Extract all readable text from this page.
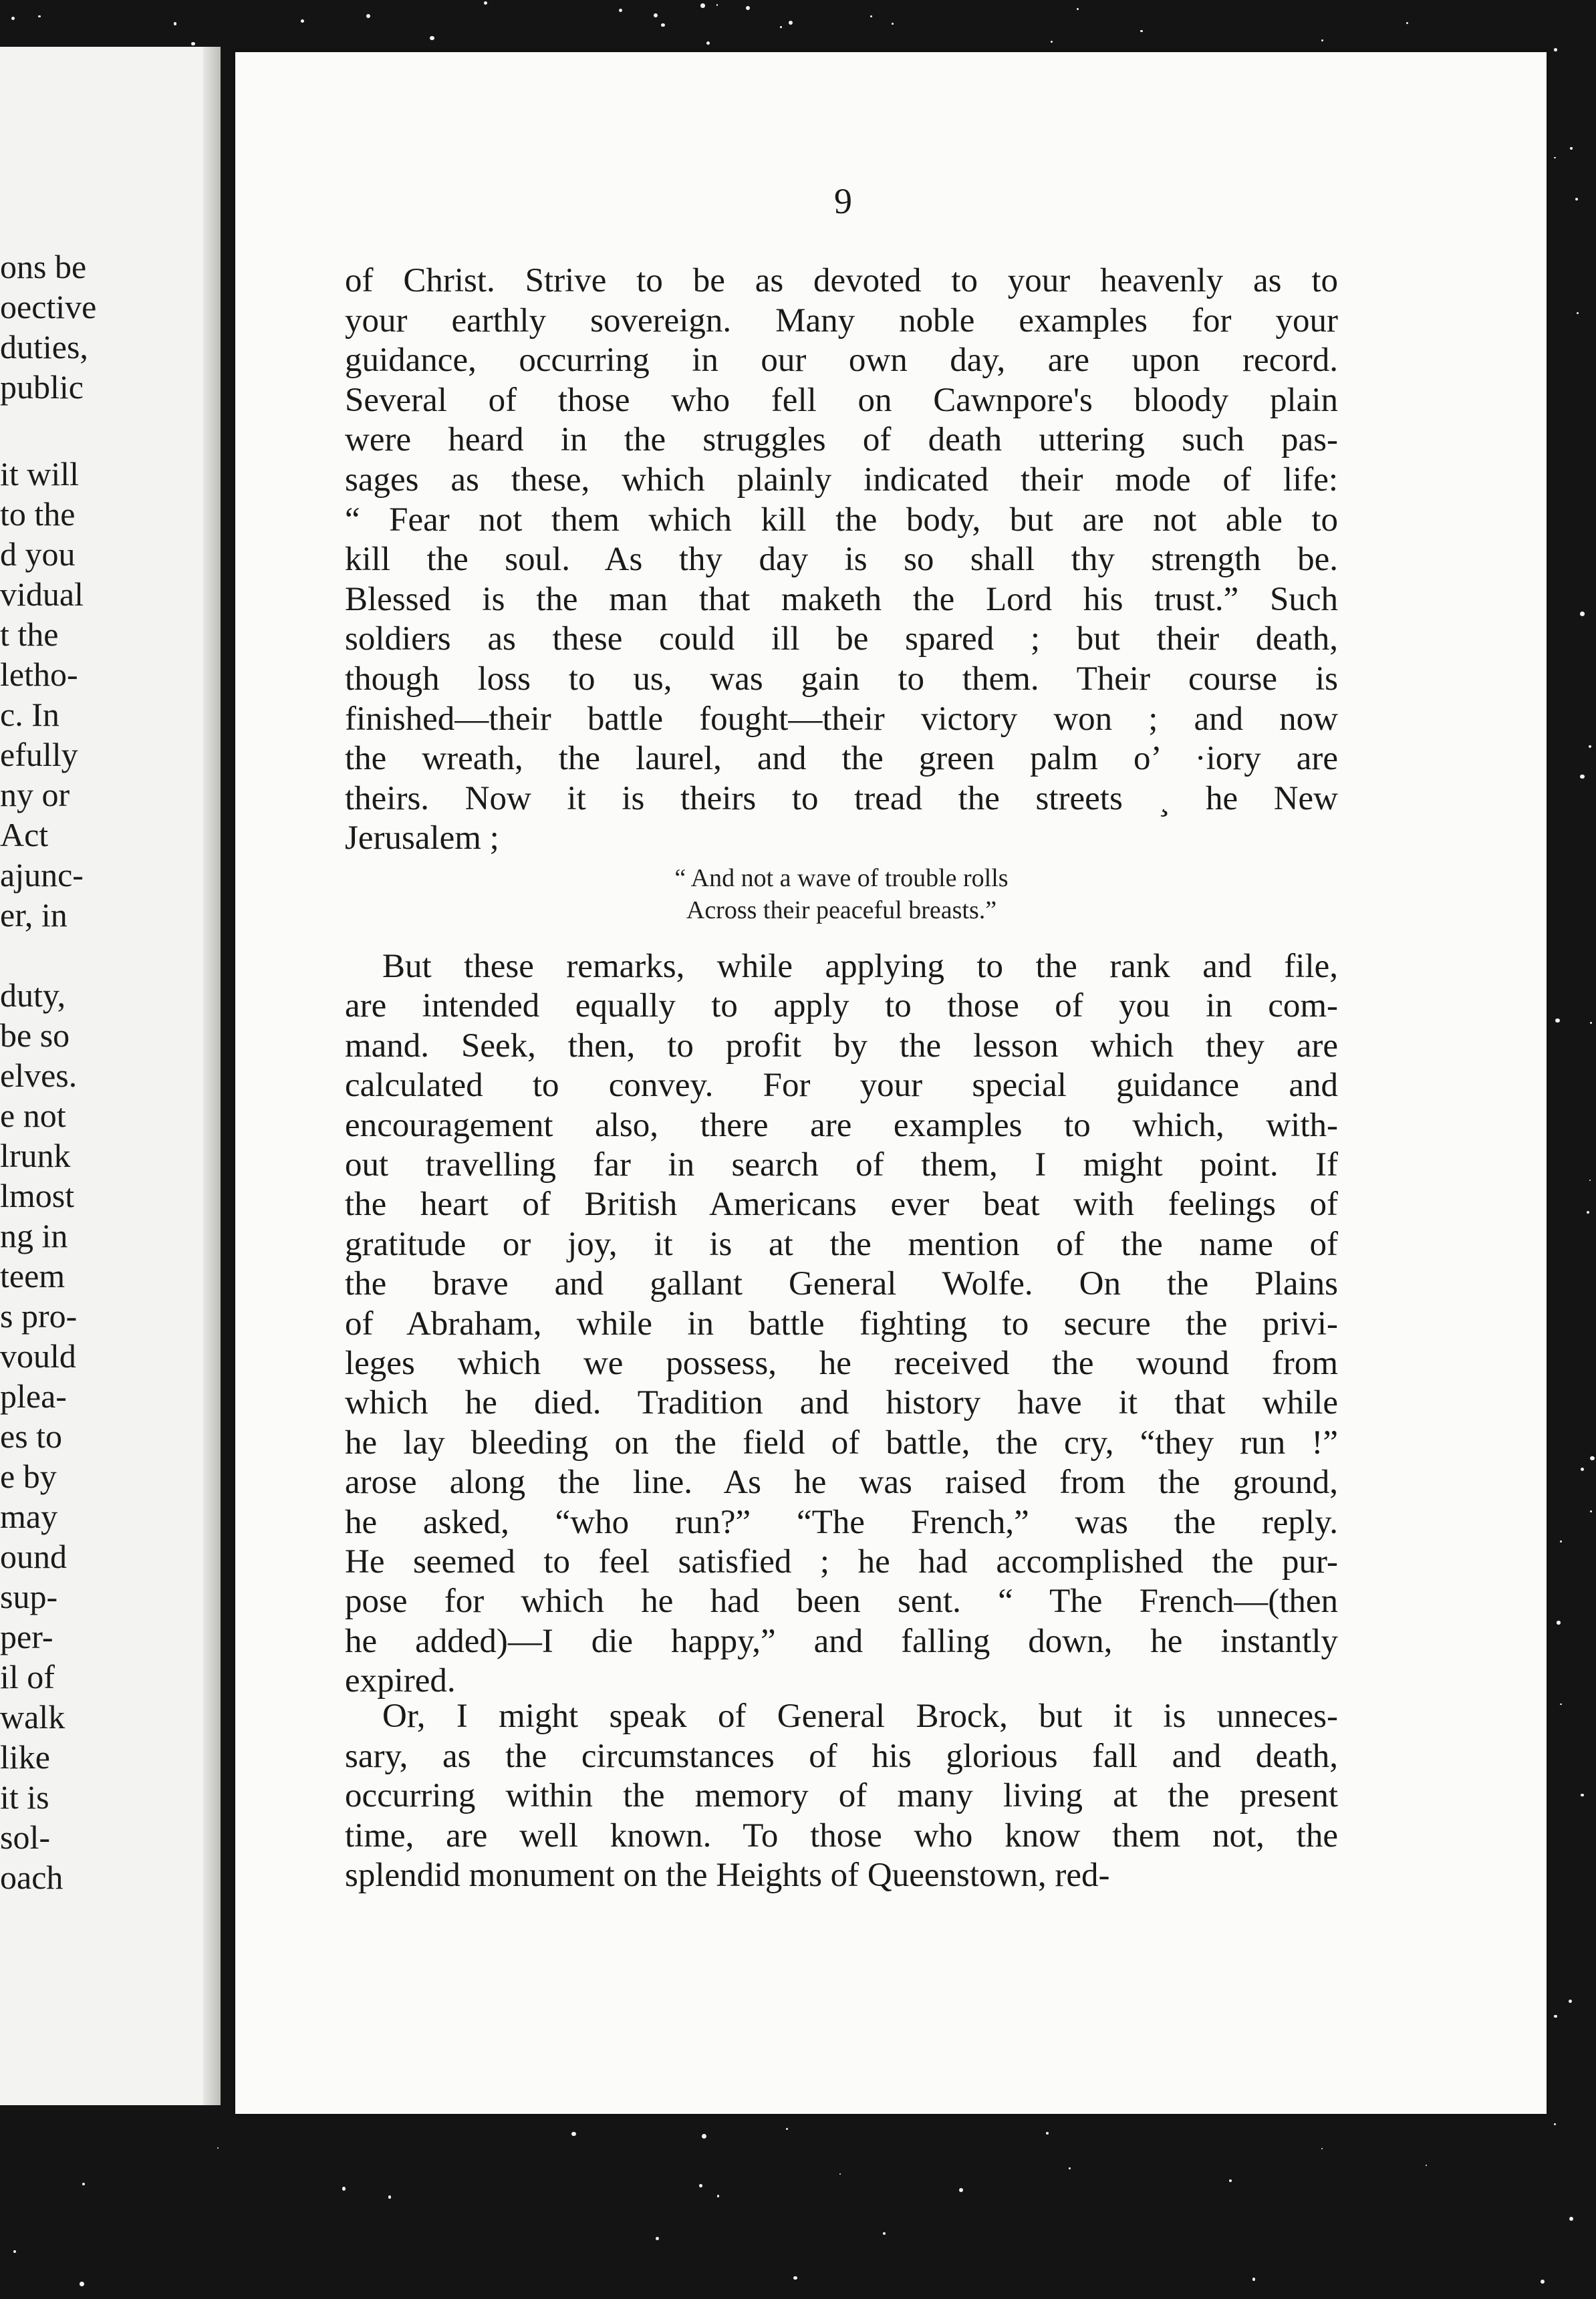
ons be
oective
duties,
public
it will
to the
d you
vidual
t the
letho-
c. In
efully
ny or
Act
ajunc-
er, in
duty,
be so
elves.
e not
lrunk
lmost
ng in
teem
s pro-
vould
plea-
es to
e by
may
ound
sup-
per-
il of
walk
like
it is
sol-
oach
9
of Christ. Strive to be as devoted to your heavenly as to
your earthly sovereign. Many noble examples for your
guidance, occurring in our own day, are upon record.
Several of those who fell on Cawnpore's bloody plain
were heard in the struggles of death uttering such pas-
sages as these, which plainly indicated their mode of life:
“ Fear not them which kill the body, but are not able to
kill the soul. As thy day is so shall thy strength be.
Blessed is the man that maketh the Lord his trust.” Such
soldiers as these could ill be spared ; but their death,
though loss to us, was gain to them. Their course is
finished—their battle fought—their victory won ; and now
the wreath, the laurel, and the green palm o’ ·iory are
theirs. Now it is theirs to tread the streets ¸ he New
Jerusalem ;
“ And not a wave of trouble rolls
Across their peaceful breasts.”
But these remarks, while applying to the rank and file,
are intended equally to apply to those of you in com-
mand. Seek, then, to profit by the lesson which they are
calculated to convey. For your special guidance and
encouragement also, there are examples to which, with-
out travelling far in search of them, I might point. If
the heart of British Americans ever beat with feelings of
gratitude or joy, it is at the mention of the name of
the brave and gallant General Wolfe. On the Plains
of Abraham, while in battle fighting to secure the privi-
leges which we possess, he received the wound from
which he died. Tradition and history have it that while
he lay bleeding on the field of battle, the cry, “they run !”
arose along the line. As he was raised from the ground,
he asked, “who run?” “The French,” was the reply.
He seemed to feel satisfied ; he had accomplished the pur-
pose for which he had been sent. “ The French—(then
he added)—I die happy,” and falling down, he instantly
expired.
Or, I might speak of General Brock, but it is unneces-
sary, as the circumstances of his glorious fall and death,
occurring within the memory of many living at the present
time, are well known. To those who know them not, the
splendid monument on the Heights of Queenstown, red-
